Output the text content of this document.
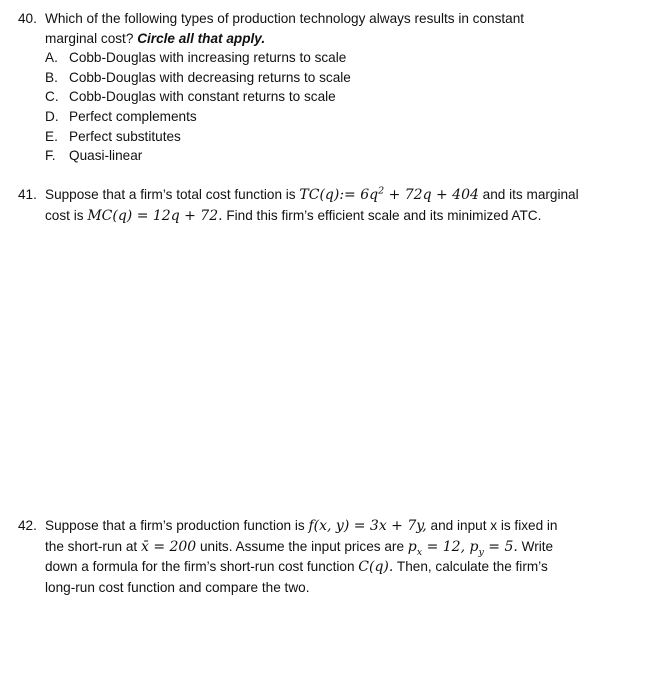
40. Which of the following types of production technology always results in constant
marginal cost? Circle all that apply.
A. Cobb-Douglas with increasing returns to scale
B. Cobb-Douglas with decreasing returns to scale
C. Cobb-Douglas with constant returns to scale
D. Perfect complements
E. Perfect substitutes
F. Quasi-linear
41. Suppose that a firm’s total cost function is TC(q):= $6q^2 + 72q + 404$ and its marginal
cost is MC(q) = 12q + 72. Find this firm’s efficient scale and its minimized ATC.
42. Suppose that a firm’s production function is f(x, y) = 3x + 7y, and input x is fixed in
the short-run at x̄ = 200 units. Assume the input prices are $p_x = 12$, $p_y = 5$. Write
down a formula for the firm’s short-run cost function C(q). Then, calculate the firm’s
long-run cost function and compare the two.
